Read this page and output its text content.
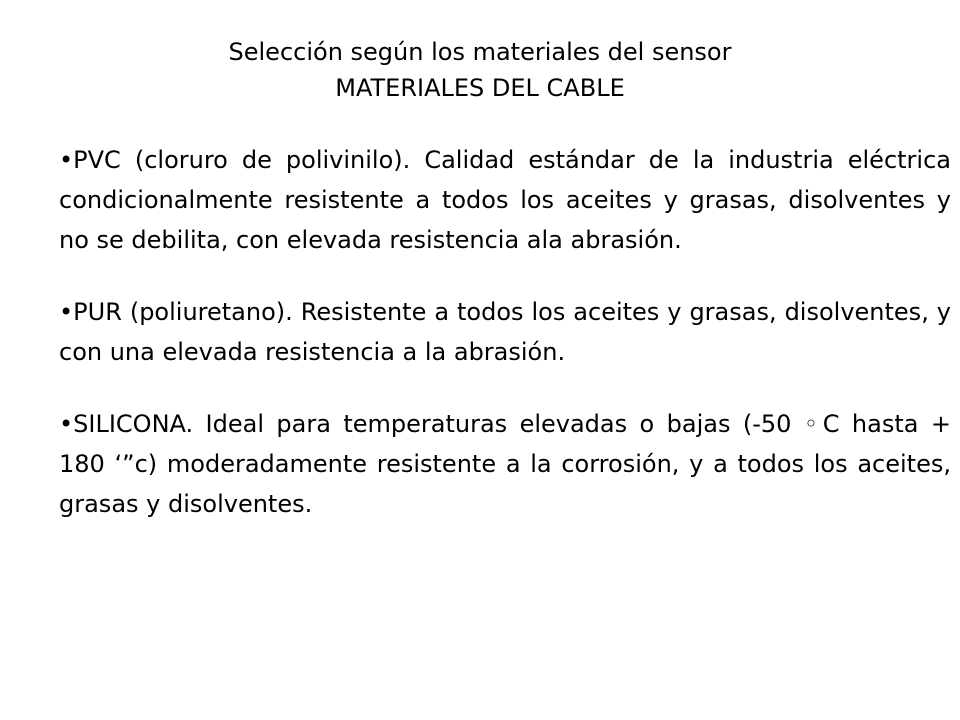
Selección según los materiales del sensor
MATERIALES DEL CABLE

•PVC (cloruro de polivinilo). Calidad estándar de la industria eléctrica condicionalmente resistente a todos los aceites y grasas, disolventes y no se debilita, con elevada resistencia ala abrasión.

•PUR (poliuretano). Resistente a todos los aceites y grasas, disolventes, y con una elevada resistencia a la abrasión.

•SILICONA. Ideal para temperaturas elevadas o bajas (-50 ◦C hasta + 180 ‘”c) moderadamente resistente a la corrosión, y a todos los aceites, grasas y disolventes.
